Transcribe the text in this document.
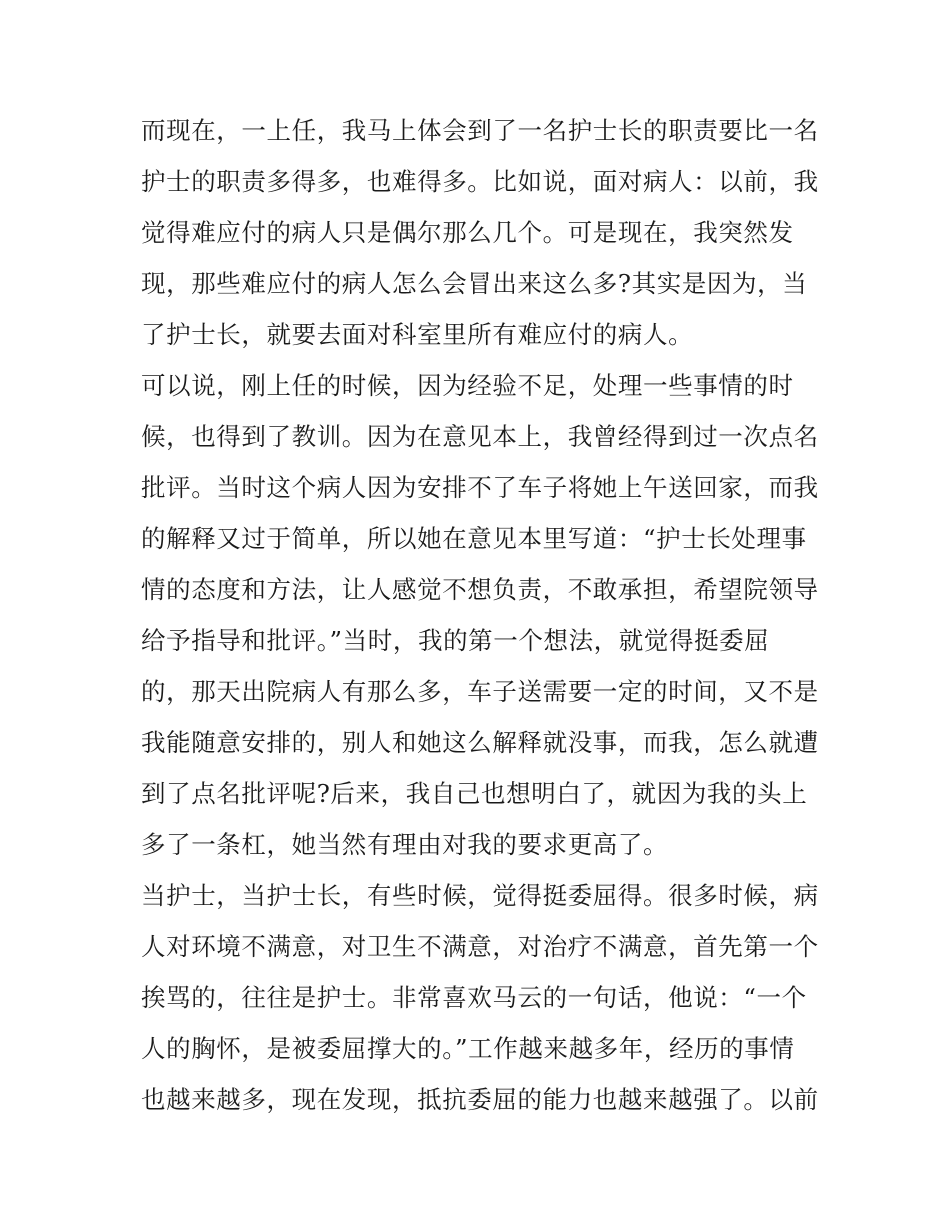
而现在，一上任，我马上体会到了一名护士长的职责要比一名
护士的职责多得多，也难得多。比如说，面对病人：以前，我
觉得难应付的病人只是偶尔那么几个。可是现在，我突然发
现，那些难应付的病人怎么会冒出来这么多?其实是因为，当
了护士长，就要去面对科室里所有难应付的病人。
可以说，刚上任的时候，因为经验不足，处理一些事情的时
候，也得到了教训。因为在意见本上，我曾经得到过一次点名
批评。当时这个病人因为安排不了车子将她上午送回家，而我
的解释又过于简单，所以她在意见本里写道：“护士长处理事
情的态度和方法，让人感觉不想负责，不敢承担，希望院领导
给予指导和批评。”当时，我的第一个想法，就觉得挺委屈
的，那天出院病人有那么多，车子送需要一定的时间，又不是
我能随意安排的，别人和她这么解释就没事，而我，怎么就遭
到了点名批评呢?后来，我自己也想明白了，就因为我的头上
多了一条杠，她当然有理由对我的要求更高了。
当护士，当护士长，有些时候，觉得挺委屈得。很多时候，病
人对环境不满意，对卫生不满意，对治疗不满意，首先第一个
挨骂的，往往是护士。非常喜欢马云的一句话，他说：“一个
人的胸怀，是被委屈撑大的。”工作越来越多年，经历的事情
也越来越多，现在发现，抵抗委屈的能力也越来越强了。以前
